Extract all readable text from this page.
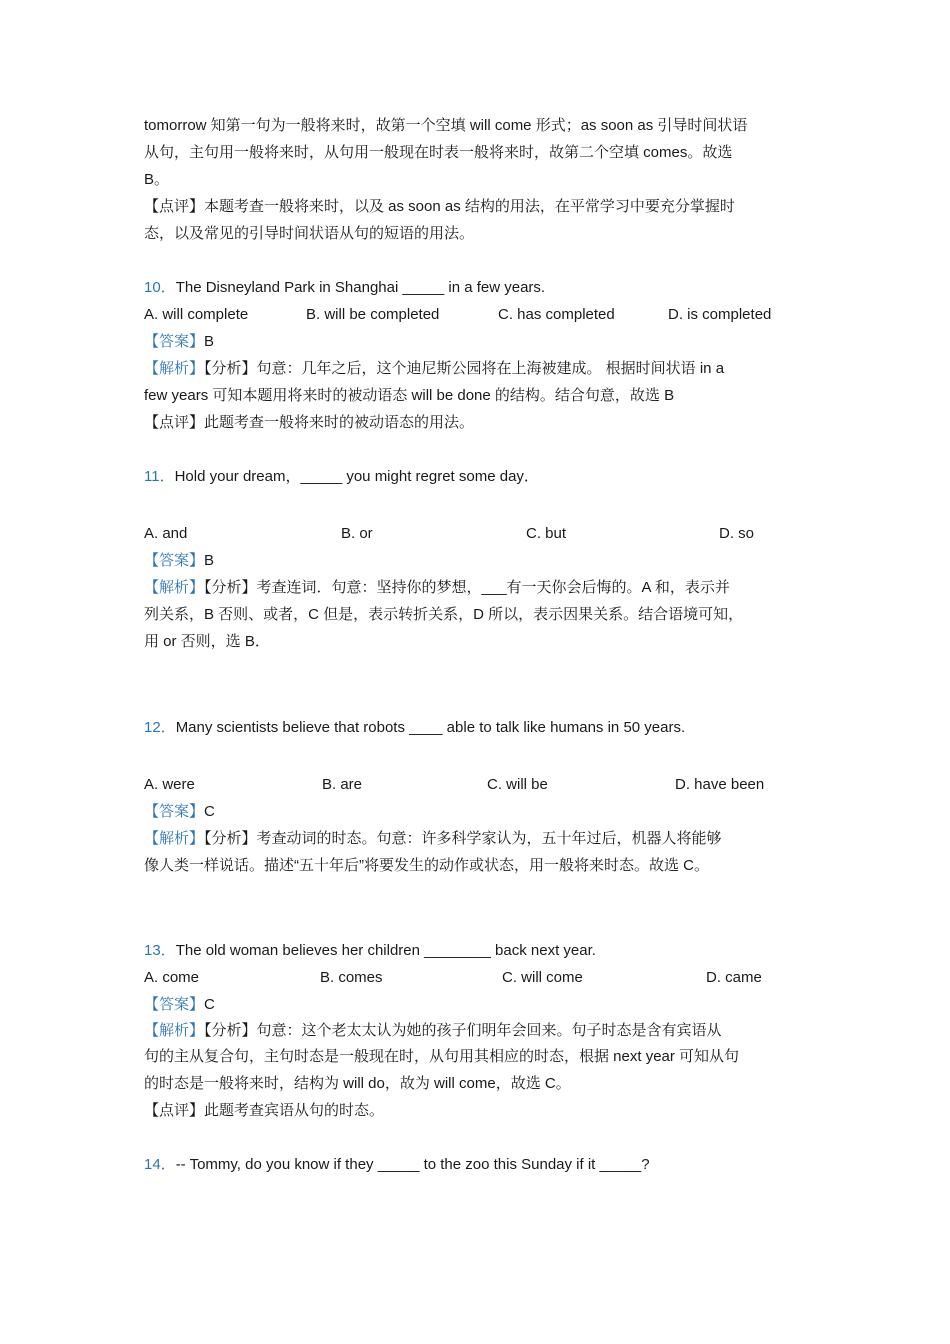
tomorrow 知第一句为一般将来时，故第一个空填 will come 形式；as soon as 引导时间状语
从句，主句用一般将来时，从句用一般现在时表一般将来时，故第二个空填 comes。故选
B。
【点评】本题考查一般将来时，以及 as soon as 结构的用法，在平常学习中要充分掌握时
态，以及常见的引导时间状语从句的短语的用法。
10．The Disneyland Park in Shanghai _____ in a few years.
A. will complete	B. will be completed	C. has completed	D. is completed
【答案】B
【解析】【分析】句意：几年之后，这个迪尼斯公园将在上海被建成。 根据时间状语 in a
few years 可知本题用将来时的被动语态 will be done 的结构。结合句意，故选 B
【点评】此题考查一般将来时的被动语态的用法。
11．Hold your dream，_____ you might regret some day．
A. and	B. or	C. but	D. so
【答案】B
【解析】【分析】考查连词．句意：坚持你的梦想，___有一天你会后悔的。A 和，表示并
列关系，B 否则、或者，C 但是，表示转折关系，D 所以，表示因果关系。结合语境可知，
用 or 否则，选 B．
12．Many scientists believe that robots ____ able to talk like humans in 50 years.
A. were	B. are	C. will be	D. have been
【答案】C
【解析】【分析】考查动词的时态。句意：许多科学家认为，五十年过后，机器人将能够
像人类一样说话。描述“五十年后”将要发生的动作或状态，用一般将来时态。故选 C。
13．The old woman believes her children ________ back next year.
A. come	B. comes	C. will come	D. came
【答案】C
【解析】【分析】句意：这个老太太认为她的孩子们明年会回来。句子时态是含有宾语从
句的主从复合句，主句时态是一般现在时，从句用其相应的时态，根据 next year 可知从句
的时态是一般将来时，结构为 will do，故为 will come，故选 C。
【点评】此题考查宾语从句的时态。
14．-- Tommy, do you know if they _____ to the zoo this Sunday if it _____?
